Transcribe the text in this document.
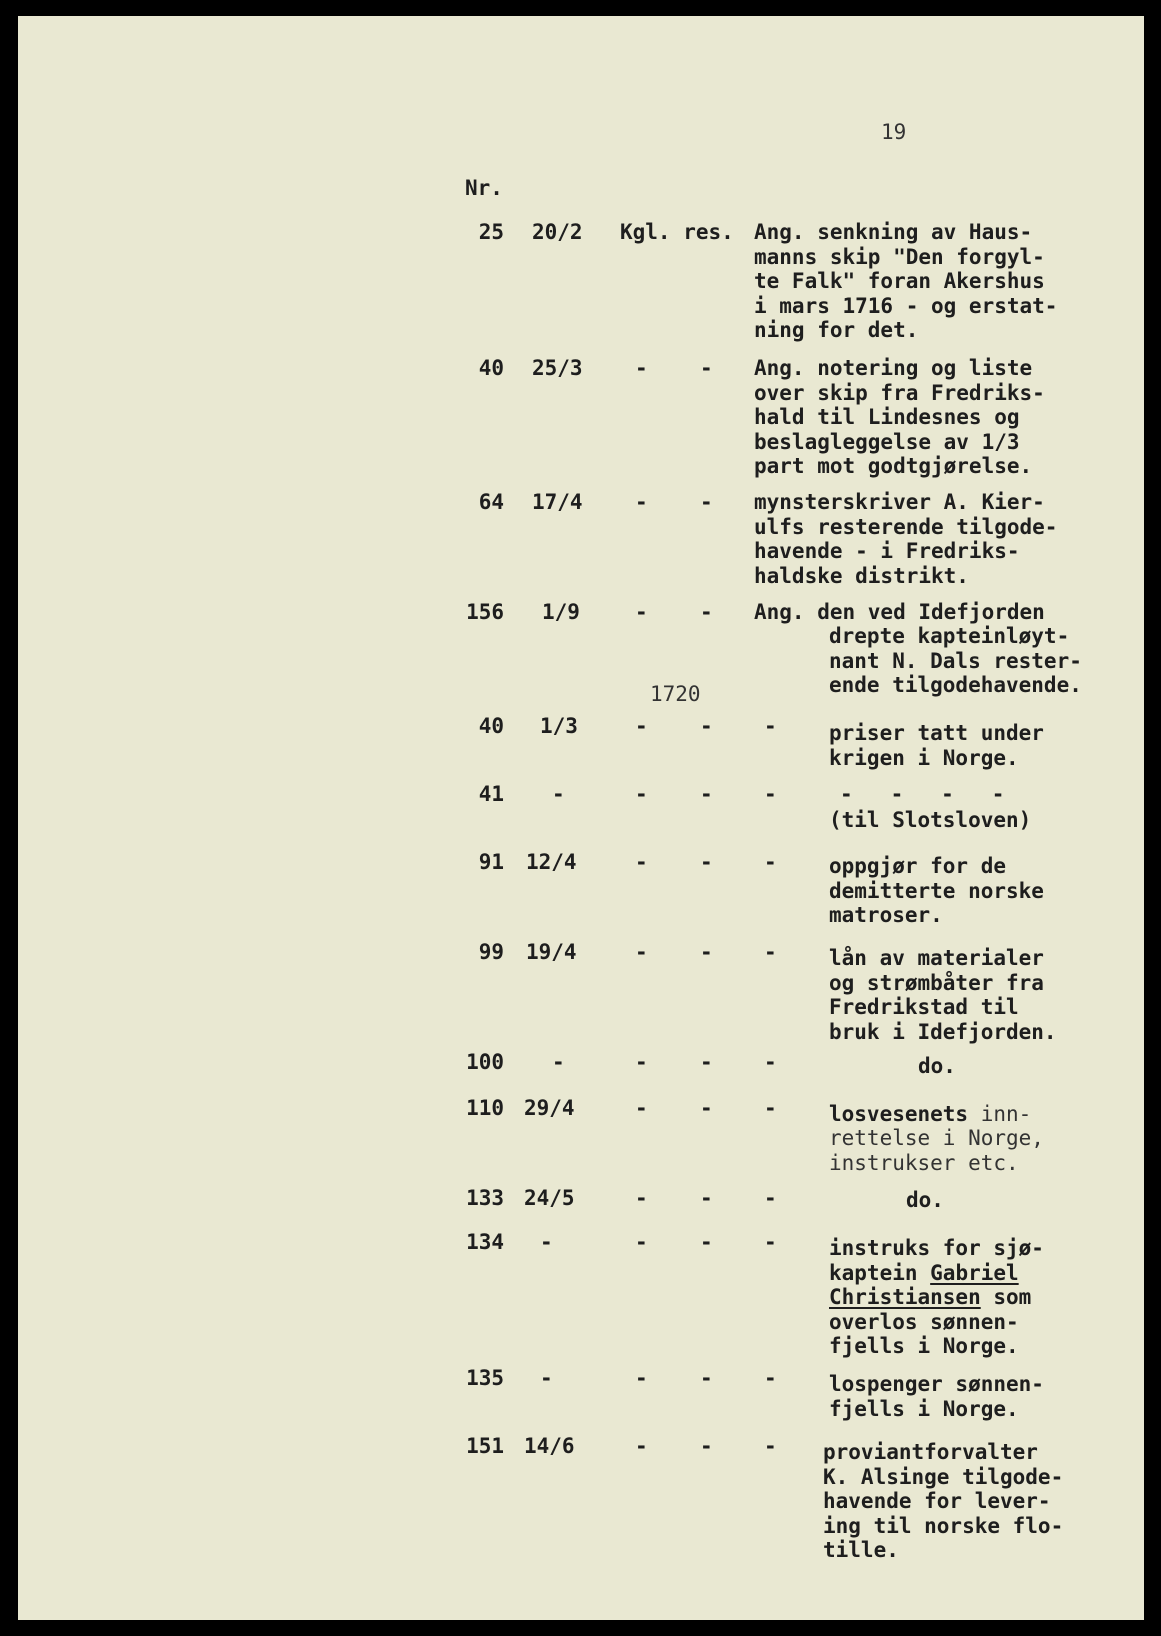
19
Nr.
25 20/2 Kgl. res. Ang. senkning av Haus-
manns skip "Den forgyl-
te Falk" foran Akershus
i mars 1716 - og erstat-
ning for det.
40 25/3 - - Ang. notering og liste
over skip fra Fredriks-
hald til Lindesnes og
beslagleggelse av 1/3
part mot godtgjørelse.
64 17/4 - - mynsterskriver A. Kier-
ulfs resterende tilgode-
havende - i Fredriks-
haldske distrikt.
156 1/9	- - Ang. den ved Idefjorden
drepte kapteinløyt-
nant N. Dals rester-
ende tilgodehavende.
1720
40 1/3	- - - priser tatt under
krigen i Norge.
41 -	- - -	-   -   -   -
(til Slotsloven)
91 12/4	- - - oppgjør for de
demitterte norske
matroser.
99 19/4	- - - lån av materialer
og strømbåter fra
Fredrikstad til
bruk i Idefjorden.
100 -	- - -	do.
110 29/4	- - - losvesenets inn-
rettelse i Norge,
instrukser etc.
133 24/5	- - -	do.
134 -	- - - instruks for sjø-
kaptein Gabriel
Christiansen som
overlos sønnen-
fjells i Norge.
135 -	- - - lospenger sønnen-
fjells i Norge.
151 14/6	- - - proviantforvalter
K. Alsinge tilgode-
havende for lever-
ing til norske flo-
tille.
